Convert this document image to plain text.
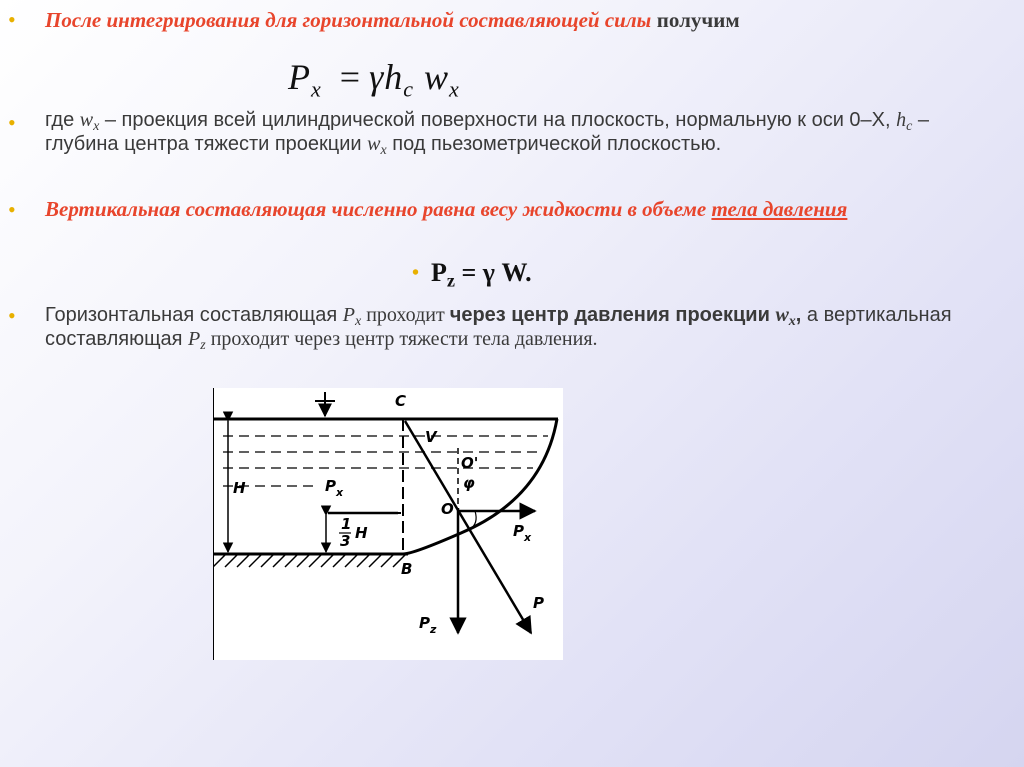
•	После интегрирования для горизонтальной составляющей силы получим
$P_x = \gamma h_c$ $w_x$
•	где $w_x$ – проекция всей цилиндрической поверхности на плоскость, нормальную к оси 0–X, $h_c$ – глубина центра тяжести проекции $w_x$ под пьезометрической плоскостью.
•	Вертикальная составляющая численно равна весу жидкости в объеме тела давления
• $P_z = \gamma$ W.
•	Горизонтальная составляющая $P_x$ проходит через центр давления проекции $w_x$, а вертикальная составляющая $P_z$ проходит через центр тяжести тела давления.
C
V
O'
φ
O
H	$P_x$
1
3 H
B
$P_x$
$P_z$
P
